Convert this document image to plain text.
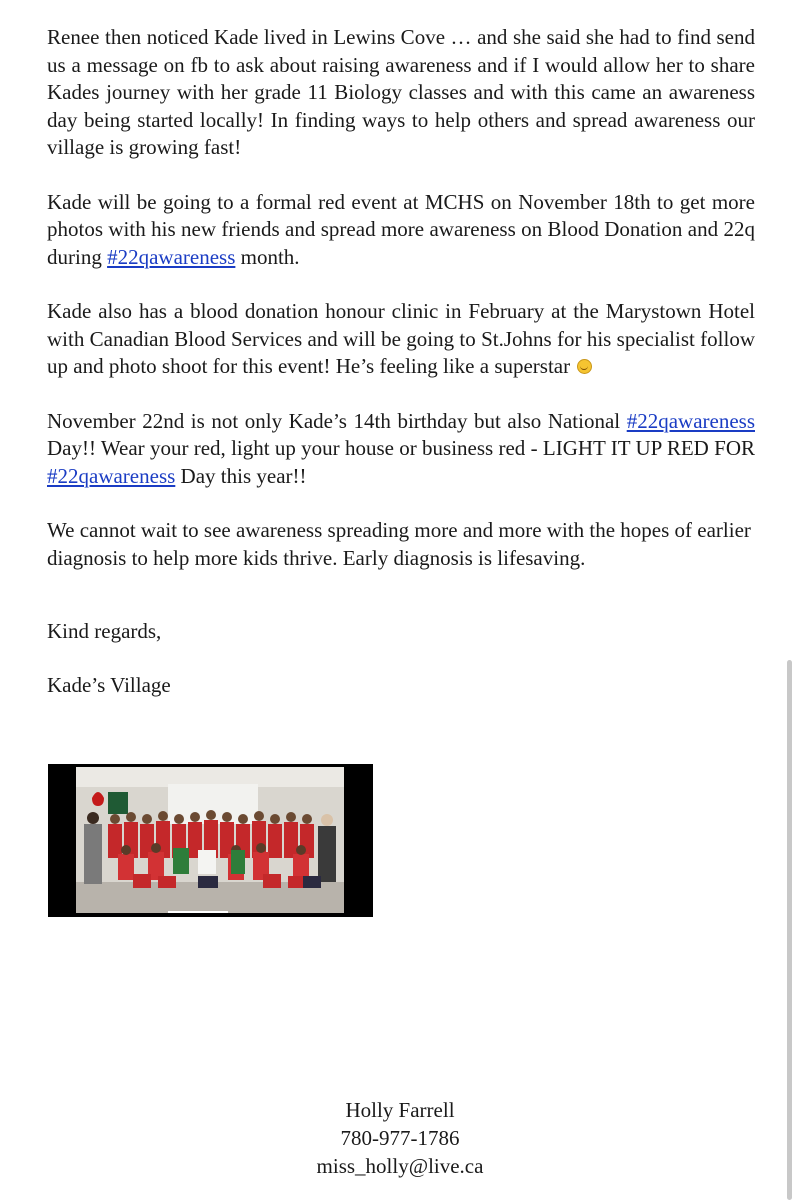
Renee then noticed Kade lived in Lewins Cove … and she said she had to find send us a message on fb to ask about raising awareness and if I would allow her to share Kades journey with her grade 11 Biology classes and with this came an awareness day being started locally! In finding ways to help others and spread awareness our village is growing fast!

Kade will be going to a formal red event at MCHS on November 18th to get more photos with his new friends and spread more awareness on Blood Donation and 22q during #22qawareness month.

Kade also has a blood donation honour clinic in February at the Marystown Hotel with Canadian Blood Services and will be going to St.Johns for his specialist follow up and photo shoot for this event! He’s feeling like a superstar

November 22nd is not only Kade’s 14th birthday but also National #22qawareness Day!! Wear your red, light up your house or business red - LIGHT IT UP RED FOR #22qawareness Day this year!!

We cannot wait to see awareness spreading more and more with the hopes of earlier diagnosis to help more kids thrive. Early diagnosis is lifesaving.

Kind regards,

Kade’s Village

Holly Farrell
780-977-1786
miss_holly@live.ca
